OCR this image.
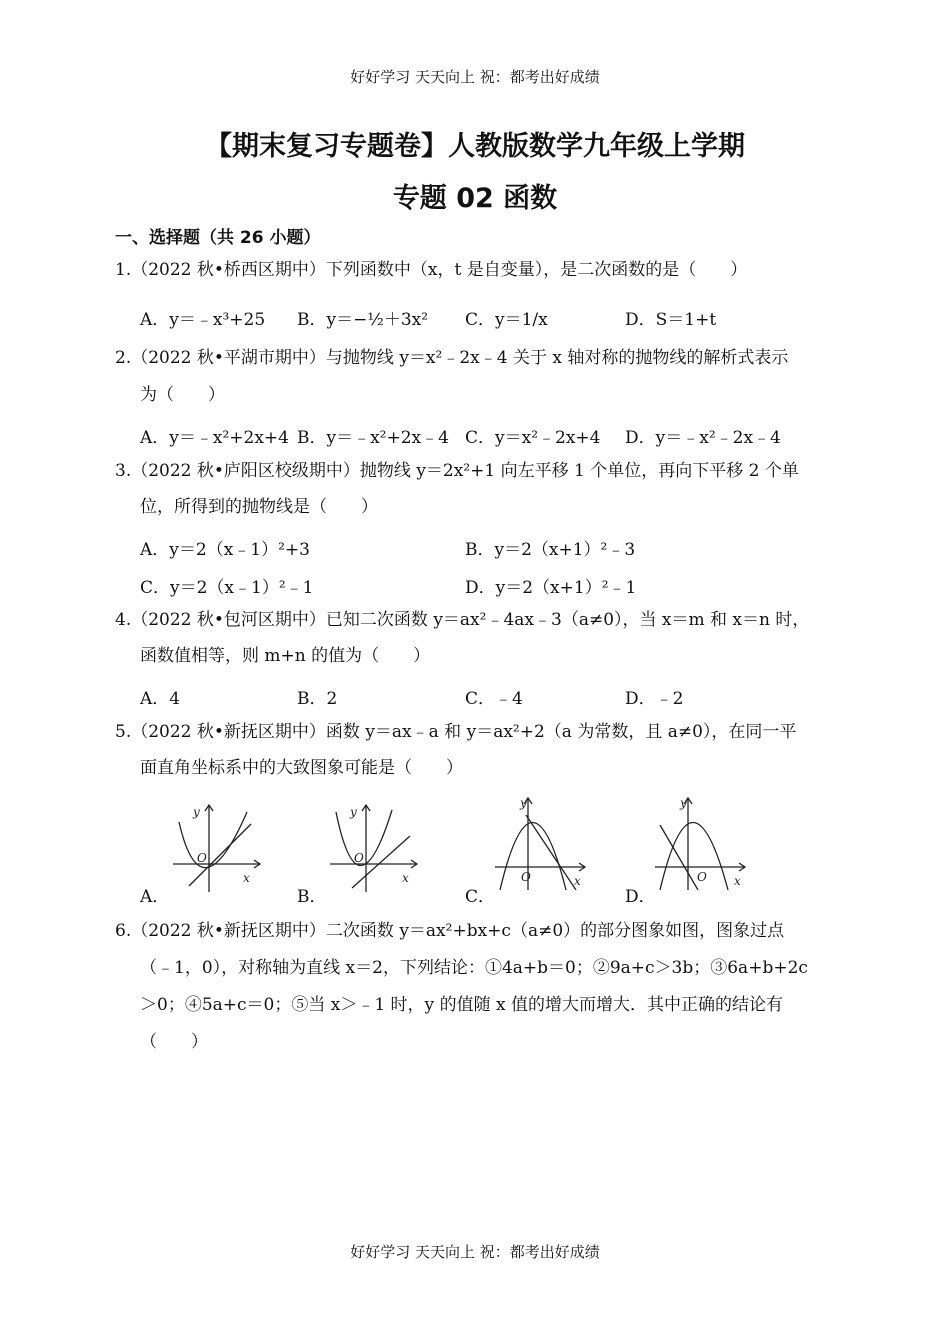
好好学习 天天向上 祝：都考出好成绩
【期末复习专题卷】人教版数学九年级上学期
专题 02 函数
一、选择题（共 26 小题）
1.（2022 秋•桥西区期中）下列函数中（x，t 是自变量），是二次函数的是（　　）
A．y＝﹣x³+25 B．y＝−½＋3x² C．y＝1/x	D．S＝1+t
2.（2022 秋•平湖市期中）与抛物线 y＝x²﹣2x﹣4 关于 x 轴对称的抛物线的解析式表示
为（　　）
A．y＝﹣x²+2x+4 B．y＝﹣x²+2x﹣4 C．y＝x²﹣2x+4 D．y＝﹣x²﹣2x﹣4
3.（2022 秋•庐阳区校级期中）抛物线 y＝2x²+1 向左平移 1 个单位，再向下平移 2 个单
位，所得到的抛物线是（　　）
A．y＝2（x﹣1）²+3	B．y＝2（x+1）²﹣3
C．y＝2（x﹣1）²﹣1	D．y＝2（x+1）²﹣1
4.（2022 秋•包河区期中）已知二次函数 y＝ax²﹣4ax﹣3（a≠0），当 x＝m 和 x＝n 时，
函数值相等，则 m+n 的值为（　　）
A．4	B．2	C．﹣4	D．﹣2
5.（2022 秋•新抚区期中）函数 y＝ax﹣a 和 y＝ax²+2（a 为常数，且 a≠0），在同一平
面直角坐标系中的大致图象可能是（　　）
A．
y
x
O
B．
y
x
O
C．
y
x
O
D．
y
x
O
6.（2022 秋•新抚区期中）二次函数 y＝ax²+bx+c（a≠0）的部分图象如图，图象过点
（﹣1，0），对称轴为直线 x＝2，下列结论：①4a+b＝0；②9a+c＞3b；③6a+b+2c
＞0；④5a+c＝0；⑤当 x＞﹣1 时，y 的值随 x 值的增大而增大．其中正确的结论有
（　　）
好好学习 天天向上 祝：都考出好成绩
